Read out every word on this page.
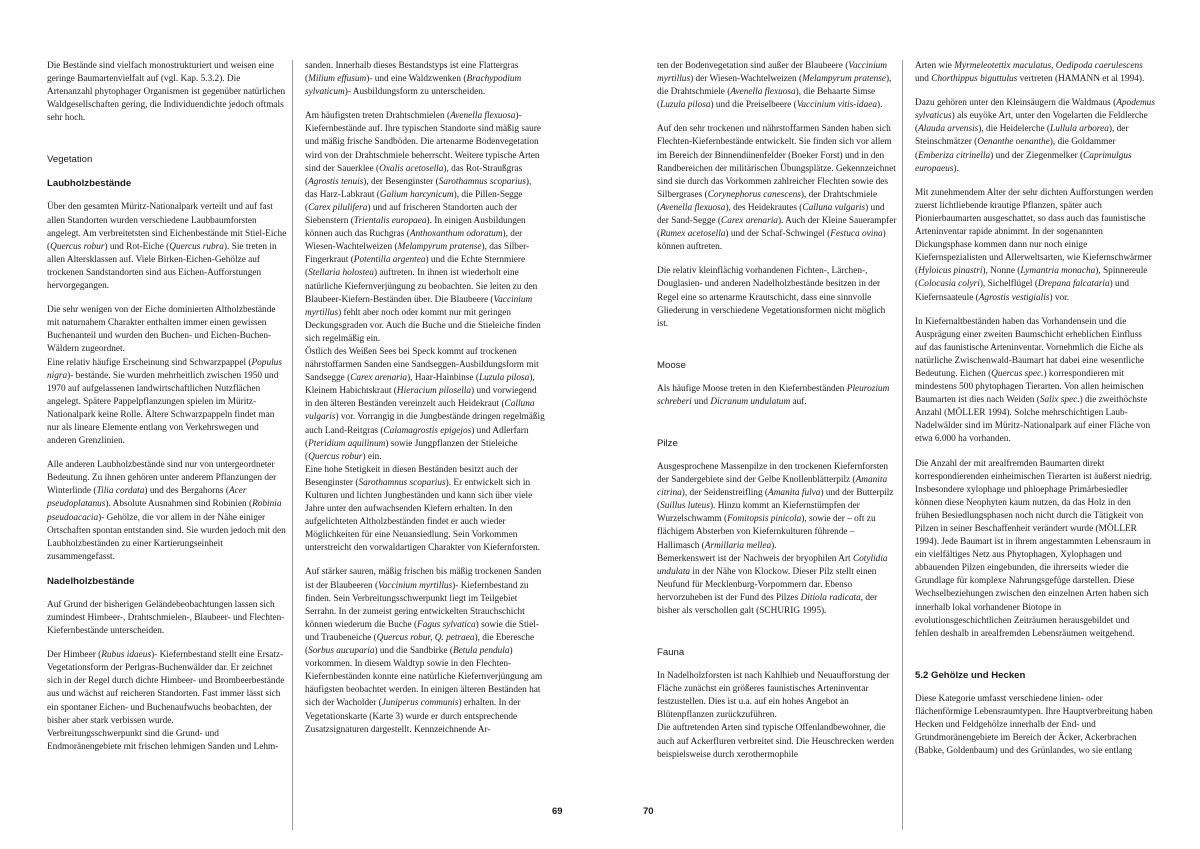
Die Bestände sind vielfach monostrukturiert und weisen eine geringe Baumartenvielfalt auf (vgl. Kap. 5.3.2). Die Artenanzahl phytophager Organismen ist gegenüber natürlichen Waldgesellschaften gering, die Individuendichte jedoch oftmals sehr hoch.

Vegetation
Laubholzbestände

Über den gesamten Müritz-Nationalpark verteilt und auf fast allen Standorten wurden verschiedene Laubbaumforsten angelegt. Am verbreitetsten sind Eichenbestände mit Stiel-Eiche (Quercus robur) und Rot-Eiche (Quercus rubra). Sie treten in allen Altersklassen auf. Viele Birken-Eichen-Gehölze auf trockenen Sandstandorten sind aus Eichen-Aufforstungen hervorgegangen.

Die sehr wenigen von der Eiche dominierten Altholzbestände mit naturnahem Charakter enthalten immer einen gewissen Buchenanteil und wurden den Buchen- und Eichen-Buchen-Wäldern zugeordnet.

Eine relativ häufige Erscheinung sind Schwarzpappel (Populus nigra)- bestände. Sie wurden mehrheitlich zwischen 1950 und 1970 auf aufgelassenen landwirtschaftlichen Nutzflächen angelegt. Spätere Pappelpflanzungen spielen im Müritz-Nationalpark keine Rolle. Ältere Schwarzpappeln findet man nur als lineare Elemente entlang von Verkehrswegen und anderen Grenzlinien.

Alle anderen Laubholzbestände sind nur von untergeordneter Bedeutung. Zu ihnen gehören unter anderem Pflanzungen der Winterlinde (Tilia cordata) und des Bergahorns (Acer pseudoplatanus). Absolute Ausnahmen sind Robinien (Robinia pseudoacacia)- Gehölze, die vor allem in der Nähe einiger Ortschaften spontan entstanden sind. Sie wurden jedoch mit den Laubholzbeständen zu einer Kartierungseinheit zusammengefasst.

Nadelholzbestände

Auf Grund der bisherigen Geländebeobachtungen lassen sich zumindest Himbeer-, Drahtschmielen-, Blaubeer- und Flechten-Kiefernbestände unterscheiden.

Der Himbeer (Rubus idaeus)- Kiefernbestand stellt eine Ersatz-Vegetationsform der Perlgras-Buchenwälder dar. Er zeichnet sich in der Regel durch dichte Himbeer- und Brombeerbestände aus und wächst auf reicheren Standorten. Fast immer lässt sich ein spontaner Eichen- und Buchenaufwuchs beobachten, der bisher aber stark verbissen wurde.

Verbreitungsschwerpunkt sind die Grund- und Endmoränengebiete mit frischen lehmigen Sanden und Lehm-

sanden. Innerhalb dieses Bestandstyps ist eine Flattergras (Milium effusum)- und eine Waldzwenken (Brachypodium sylvaticum)- Ausbildungsform zu unterscheiden.

Am häufigsten treten Drahtschmielen (Avenella flexuosa)- Kiefernbestände auf. Ihre typischen Standorte sind mäßig saure und mäßig frische Sandböden. Die artenarme Bodenvegetation wird von der Drahtschmiele beherrscht. Weitere typische Arten sind der Sauerklee (Oxalis acetosella), das Rot-Straußgras (Agrostis tenuis), der Besenginster (Sarothamnus scoparius), das Harz-Labkraut (Galium harcynicum), die Pillen-Segge (Carex pilulifera) und auf frischeren Standorten auch der Siebenstern (Trientalis europaea). In einigen Ausbildungen können auch das Ruchgras (Anthoxanthum odoratum), der Wiesen-Wachtelweizen (Melampyrum pratense), das Silber-Fingerkraut (Potentilla argentea) und die Echte Sternmiere (Stellaria holostea) auftreten. In ihnen ist wiederholt eine natürliche Kiefernverjüngung zu beobachten. Sie leiten zu den Blaubeer-Kiefern-Beständen über. Die Blaubeere (Vaccinium myrtillus) fehlt aber noch oder kommt nur mit geringen Deckungsgraden vor. Auch die Buche und die Stieleiche finden sich regelmäßig ein.

Östlich des Weißen Sees bei Speck kommt auf trockenen nährstoffarmen Sanden eine Sandseggen-Ausbildungsform mit Sandsegge (Carex arenaria), Haar-Hainbinse (Luzula pilosa), Kleinem Habichtskraut (Hieracium pilosella) und vorwiegend in den älteren Beständen vereinzelt auch Heidekraut (Calluna vulgaris) vor. Vorrangig in die Jungbestände dringen regelmäßig auch Land-Reitgras (Calamagrostis epigejos) und Adlerfarn (Pteridium aquilinum) sowie Jungpflanzen der Stieleiche (Quercus robur) ein.

Eine hohe Stetigkeit in diesen Beständen besitzt auch der Besenginster (Sarothamnus scoparius). Er entwickelt sich in Kulturen und lichten Jungbeständen und kann sich über viele Jahre unter den aufwachsenden Kiefern erhalten. In den aufgelichteten Altholzbeständen findet er auch wieder Möglichkeiten für eine Neuansiedlung. Sein Vorkommen unterstreicht den vorwaldartigen Charakter von Kiefernforsten.

Auf stärker sauren, mäßig frischen bis mäßig trockenen Sanden ist der Blaubeeren (Vaccinium myrtillus)- Kiefernbestand zu finden. Sein Verbreitungsschwerpunkt liegt im Teilgebiet Serrahn. In der zumeist gering entwickelten Strauchschicht können wiederum die Buche (Fagus sylvatica) sowie die Stiel- und Traubeneiche (Quercus robur, Q. petraea), die Eberesche (Sorbus aucuparia) und die Sandbirke (Betula pendula) vorkommen. In diesem Waldtyp sowie in den Flechten-Kiefernbeständen konnte eine natürliche Kiefernverjüngung am häufigsten beobachtet werden. In einigen älteren Beständen hat sich der Wacholder (Juniperus communis) erhalten. In der Vegetationskarte (Karte 3) wurde er durch entsprechende Zusatzsignaturen dargestellt. Kennzeichnende Ar-

ten der Bodenvegetation sind außer der Blaubeere (Vaccinium myrtillus) der Wiesen-Wachtelweizen (Melampyrum pratense), die Drahtschmiele (Avenella flexuosa), die Behaarte Simse (Luzula pilosa) und die Preiselbeere (Vaccinium vitis-idaea).

Auf den sehr trockenen und nährstoffarmen Sanden haben sich Flechten-Kiefernbestände entwickelt. Sie finden sich vor allem im Bereich der Binnendünenfelder (Boeker Forst) und in den Randbereichen der militärischen Übungsplätze. Gekennzeichnet sind sie durch das Vorkommen zahlreicher Flechten sowie des Silbergrases (Corynephorus canescens), der Drahtschmiele (Avenella flexuosa), des Heidekrautes (Calluna vulgaris) und der Sand-Segge (Carex arenaria). Auch der Kleine Sauerampfer (Rumex acetosella) und der Schaf-Schwingel (Festuca ovina) können auftreten.

Die relativ kleinflächig vorhandenen Fichten-, Lärchen-, Douglasien- und anderen Nadelholzbestände besitzen in der Regel eine so artenarme Krautschicht, dass eine sinnvolle Gliederung in verschiedene Vegetationsformen nicht möglich ist.

Moose

Als häufige Moose treten in den Kiefernbeständen Pleurozium schreberi und Dicranum undulatum auf.

Pilze

Ausgesprochene Massenpilze in den trockenen Kiefernforsten der Sandergebiete sind der Gelbe Knollenblätterpilz (Amanita citrina), der Seidenstreifling (Amanita fulva) und der Butterpilz (Suillus luteus). Hinzu kommt an Kiefernstümpfen der Wurzelschwamm (Fomitopsis pinicola), sowie der – oft zu flächigem Absterben von Kiefernkulturen führende – Hallimasch (Armillaria mellea).

Bemerkenswert ist der Nachweis der bryophilen Art Cotylidia undulata in der Nähe von Klockow. Dieser Pilz stellt einen Neufund für Mecklenburg-Vorpommern dar. Ebenso hervorzuheben ist der Fund des Pilzes Ditiola radicata, der bisher als verschollen galt (SCHURIG 1995).

Fauna

In Nadelholzforsten ist nach Kahlhieb und Neuaufforstung der Fläche zunächst ein größeres faunistisches Arteninventar festzustellen. Dies ist u.a. auf ein hohes Angebot an Blütenpflanzen zurückzuführen.

Die auftretenden Arten sind typische Offenlandbewohner, die auch auf Ackerfluren verbreitet sind. Die Heuschrecken werden beispielsweise durch xerothermophile

Arten wie Myrmeleotettix maculatus, Oedipoda caerulescens und Chorthippus biguttulus vertreten (HAMANN et al 1994).

Dazu gehören unter den Kleinsäugern die Waldmaus (Apodemus sylvaticus) als euyöke Art, unter den Vogelarten die Feldlerche (Alauda arvensis), die Heidelerche (Lullula arborea), der Steinschmätzer (Oenanthe oenanthe), die Goldammer (Emberiza citrinella) und der Ziegenmelker (Caprimulgus europaeus).

Mit zunehmendem Alter der sehr dichten Aufforstungen werden zuerst lichtliebende krautige Pflanzen, später auch Pionierbaumarten ausgeschattet, so dass auch das faunistische Arteninventar rapide abnimmt. In der sogenannten Dickungsphase kommen dann nur noch einige Kiefernspezialisten und Allerweltsarten, wie Kiefernschwärmer (Hyloicus pinastri), Nonne (Lymantria monacha), Spinnereule (Colocasia colyri), Sichelflügel (Drepana falcataria) und Kiefernsaateule (Agrostis vestigialis) vor.

In Kiefernaltbeständen haben das Vorhandensein und die Ausprägung einer zweiten Baumschicht erheblichen Einfluss auf das faunistische Arteninventar. Vornehmlich die Eiche als natürliche Zwischenwald-Baumart hat dabei eine wesentliche Bedeutung. Eichen (Quercus spec.) korrespondieren mit mindestens 500 phytophagen Tierarten. Von allen heimischen Baumarten ist dies nach Weiden (Salix spec.) die zweithöchste Anzahl (MÖLLER 1994). Solche mehrschichtigen Laub-Nadelwälder sind im Müritz-Nationalpark auf einer Fläche von etwa 6.000 ha vorhanden.

Die Anzahl der mit arealfremden Baumarten direkt korrespondierenden einheimischen Tierarten ist äußerst niedrig. Insbesondere xylophage und phloephage Primärbesiedler können diese Neophyten kaum nutzen, da das Holz in den frühen Besiedlungsphasen noch nicht durch die Tätigkeit von Pilzen in seiner Beschaffenheit verändert wurde (MÖLLER 1994). Jede Baumart ist in ihrem angestammten Lebensraum in ein vielfältiges Netz aus Phytophagen, Xylophagen und abbauenden Pilzen eingebunden, die ihrerseits wieder die Grundlage für komplexe Nahrungsgefüge darstellen. Diese Wechselbeziehungen zwischen den einzelnen Arten haben sich innerhalb lokal vorhandener Biotope in evolutionsgeschichtlichen Zeiträumen herausgebildet und fehlen deshalb in arealfremden Lebensräumen weitgehend.

5.2 Gehölze und Hecken

Diese Kategorie umfasst verschiedene linien- oder flächenförmige Lebensraumtypen. Ihre Hauptverbreitung haben Hecken und Feldgehölze innerhalb der End- und Grundmoränengebiete im Bereich der Äcker, Ackerbrachen (Babke, Goldenbaum) und des Grünlandes, wo sie entlang

69	70
